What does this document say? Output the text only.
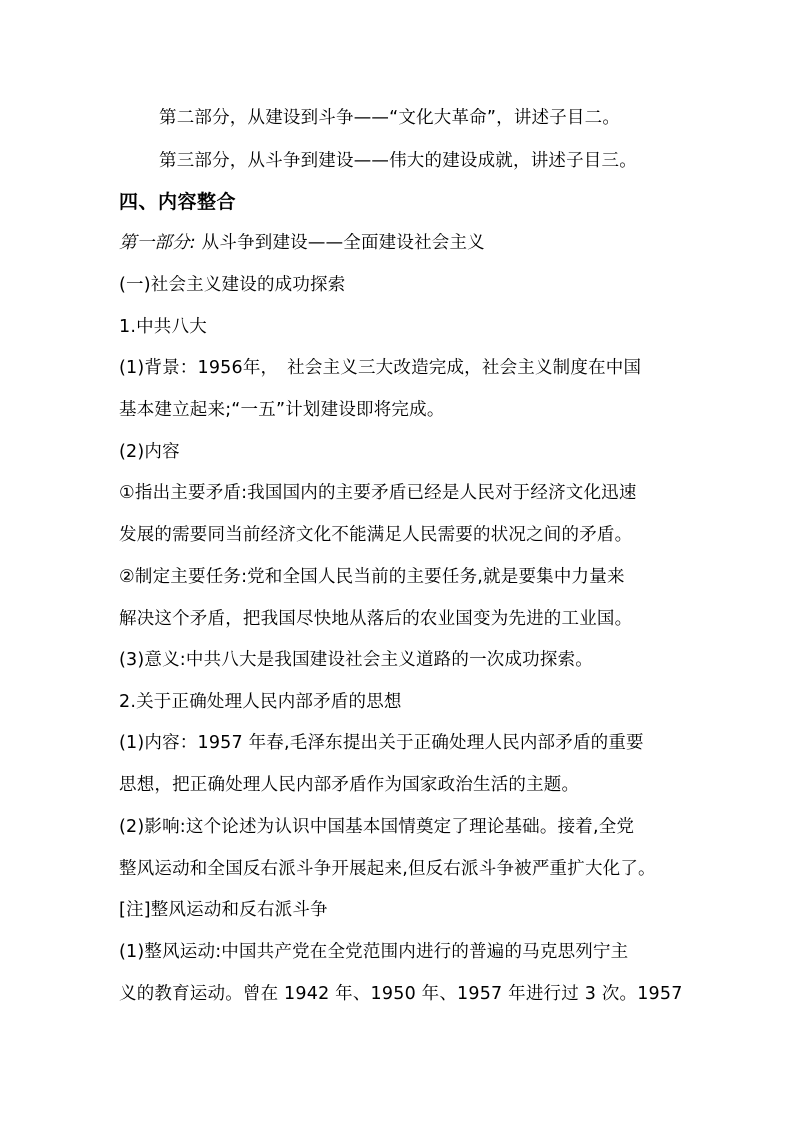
第二部分，从建设到斗争——“文化大革命”，讲述子目二。
第三部分，从斗争到建设——伟大的建设成就，讲述子目三。
四、内容整合
第一部分: 从斗争到建设——全面建设社会主义
(一)社会主义建设的成功探索
1.中共八大
(1)背景：1956年，　社会主义三大改造完成，社会主义制度在中国
基本建立起来;“一五”计划建设即将完成。
(2)内容
①指出主要矛盾:我国国内的主要矛盾已经是人民对于经济文化迅速
发展的需要同当前经济文化不能满足人民需要的状况之间的矛盾。
②制定主要任务:党和全国人民当前的主要任务,就是要集中力量来
解决这个矛盾，把我国尽快地从落后的农业国变为先进的工业国。
(3)意义:中共八大是我国建设社会主义道路的一次成功探索。
2.关于正确处理人民内部矛盾的思想
(1)内容：1957 年春,毛泽东提出关于正确处理人民内部矛盾的重要
思想，把正确处理人民内部矛盾作为国家政治生活的主题。
(2)影响:这个论述为认识中国基本国情奠定了理论基础。接着,全党
整风运动和全国反右派斗争开展起来,但反右派斗争被严重扩大化了。
[注]整风运动和反右派斗争
(1)整风运动:中国共产党在全党范围内进行的普遍的马克思列宁主
义的教育运动。曾在 1942 年、1950 年、1957 年进行过 3 次。1957
